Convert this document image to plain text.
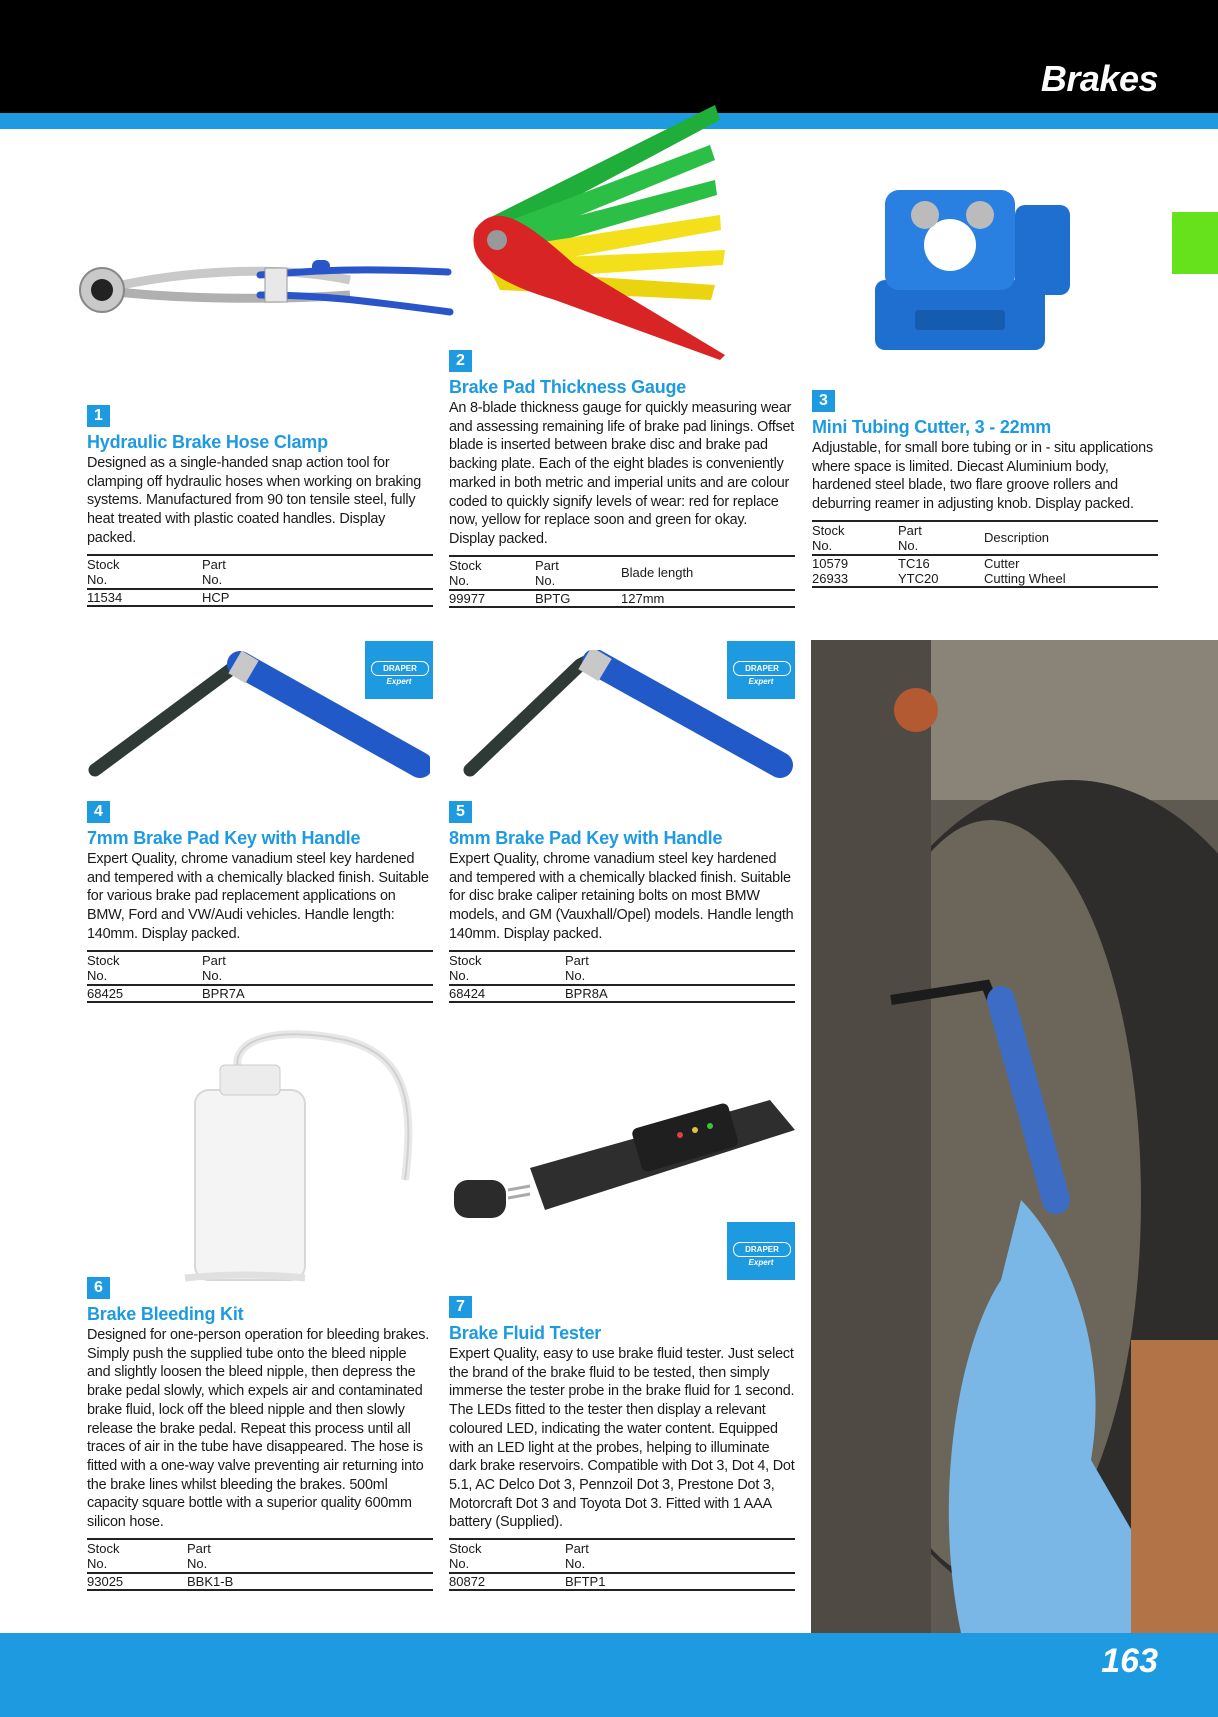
Brakes
DRAPER
Expert
DRAPER
Expert
DRAPER
Expert
1
Hydraulic Brake Hose Clamp
Designed as a single-handed snap action tool for clamping off hydraulic hoses when working on braking systems. Manufactured from 90 ton tensile steel, fully heat treated with plastic coated handles. Display packed.
Stock
No.	Part
No.
11534	HCP
2
Brake Pad Thickness Gauge
An 8-blade thickness gauge for quickly measuring wear and assessing remaining life of brake pad linings. Offset blade is inserted between brake disc and brake pad backing plate. Each of the eight blades is conveniently marked in both metric and imperial units and are colour coded to quickly signify levels of wear: red for replace now, yellow for replace soon and green for okay. Display packed.
Stock
No.	Part
No.	Blade length
99977	BPTG	127mm
3
Mini Tubing Cutter, 3 - 22mm
Adjustable, for small bore tubing or in - situ applications where space is limited. Diecast Aluminium body, hardened steel blade, two flare groove rollers and deburring reamer in adjusting knob. Display packed.
Stock
No.	Part
No.	Description
10579	TC16	Cutter
26933	YTC20	Cutting Wheel
4
7mm Brake Pad Key with Handle
Expert Quality, chrome vanadium steel key hardened and tempered with a chemically blacked finish. Suitable for various brake pad replacement applications on BMW, Ford and VW/Audi vehicles. Handle length: 140mm. Display packed.
Stock
No.	Part
No.
68425	BPR7A
5
8mm Brake Pad Key with Handle
Expert Quality, chrome vanadium steel key hardened and tempered with a chemically blacked finish. Suitable for disc brake caliper retaining bolts on most BMW models, and GM (Vauxhall/Opel) models. Handle length 140mm. Display packed.
Stock
No.	Part
No.
68424	BPR8A
6
Brake Bleeding Kit
Designed for one-person operation for bleeding brakes. Simply push the supplied tube onto the bleed nipple and slightly loosen the bleed nipple, then depress the brake pedal slowly, which expels air and contaminated brake fluid, lock off the bleed nipple and then slowly release the brake pedal. Repeat this process until all traces of air in the tube have disappeared. The hose is fitted with a one-way valve preventing air returning into the brake lines whilst bleeding the brakes. 500ml capacity square bottle with a superior quality 600mm silicon hose.
Stock
No.	Part
No.
93025	BBK1-B
7
Brake Fluid Tester
Expert Quality, easy to use brake fluid tester. Just select the brand of the brake fluid to be tested, then simply immerse the tester probe in the brake fluid for 1 second. The LEDs fitted to the tester then display a relevant coloured LED, indicating the water content. Equipped with an LED light at the probes, helping to illuminate dark brake reservoirs. Compatible with Dot 3, Dot 4, Dot 5.1, AC Delco Dot 3, Pennzoil Dot 3, Prestone Dot 3, Motorcraft Dot 3 and Toyota Dot 3. Fitted with 1 AAA battery (Supplied).
Stock
No.	Part
No.
80872	BFTP1
163
